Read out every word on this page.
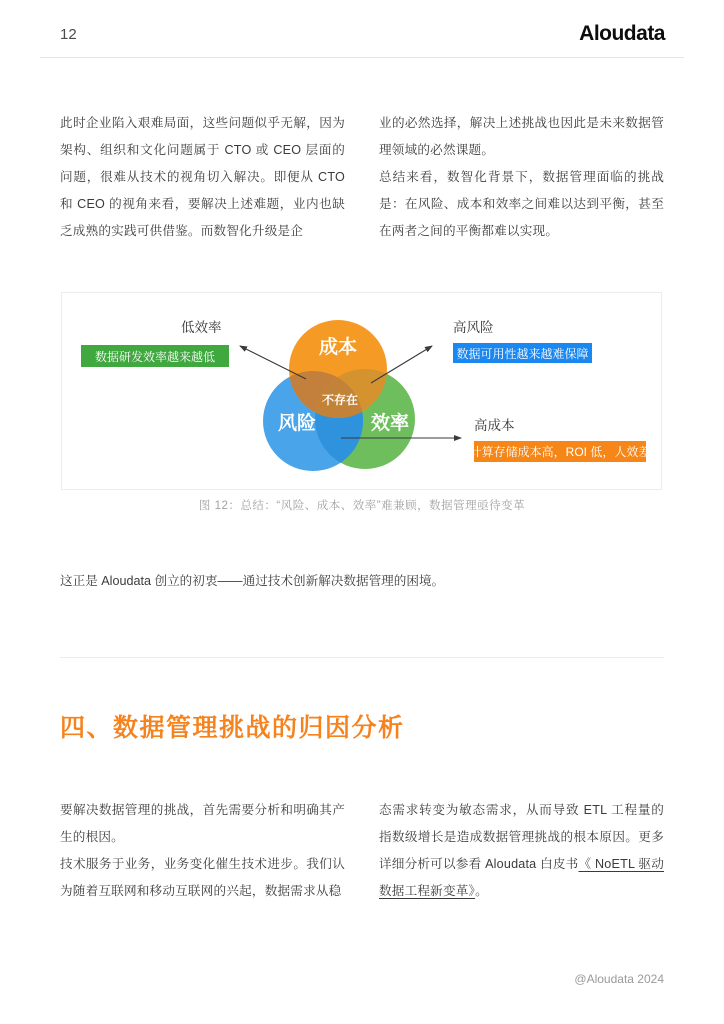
12	Aloudata

此时企业陷入艰难局面，这些问题似乎无解，因为架构、组织和文化问题属于 CTO 或 CEO 层面的问题，很难从技术的视角切入解决。即便从 CTO 和 CEO 的视角来看，要解决上述难题，业内也缺乏成熟的实践可供借鉴。而数智化升级是企

业的必然选择，解决上述挑战也因此是未来数据管理领域的必然课题。

总结来看，数智化背景下，数据管理面临的挑战是：在风险、成本和效率之间难以达到平衡，甚至在两者之间的平衡都难以实现。

成本
风险	效率
不存在
低效率
数据研发效率越来越低
高风险
数据可用性越来越难保障
高成本
计算存储成本高，ROI 低，人效差
图 12：总结：“风险、成本、效率”难兼顾，数据管理亟待变革

这正是 Aloudata 创立的初衷——通过技术创新解决数据管理的困境。

四、数据管理挑战的归因分析

要解决数据管理的挑战，首先需要分析和明确其产生的根因。

技术服务于业务，业务变化催生技术进步。我们认为随着互联网和移动互联网的兴起，数据需求从稳

态需求转变为敏态需求，从而导致 ETL 工程量的指数级增长是造成数据管理挑战的根本原因。更多详细分析可以参看 Aloudata 白皮书《 NoETL 驱动数据工程新变革》。

@Aloudata 2024
